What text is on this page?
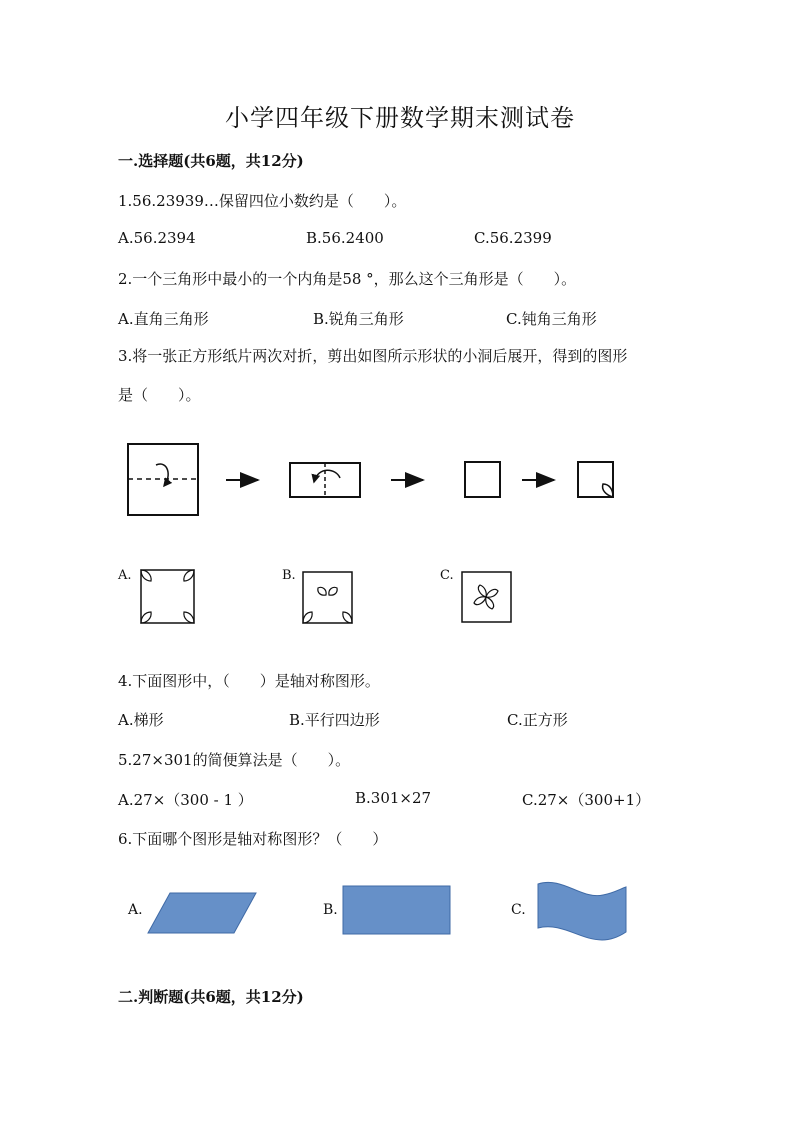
小学四年级下册数学期末测试卷
一.选择题(共6题，共12分)
1.56.23939…保留四位小数约是（　　）。
A.56.2394	B.56.2400	C.56.2399
2.一个三角形中最小的一个内角是58 °，那么这个三角形是（　　）。
A.直角三角形	B.锐角三角形	C.钝角三角形
3.将一张正方形纸片两次对折，剪出如图所示形状的小洞后展开，得到的图形
是（　　）。
A.	B.	C.
4.下面图形中，（　　）是轴对称图形。
A.梯形	B.平行四边形	C.正方形
5.27×301的简便算法是（　　）。
A.27×（300 - 1 ）	B.301×27	C.27×（300+1）
6.下面哪个图形是轴对称图形？（　　）
A.	B.	C.
二.判断题(共6题，共12分)
